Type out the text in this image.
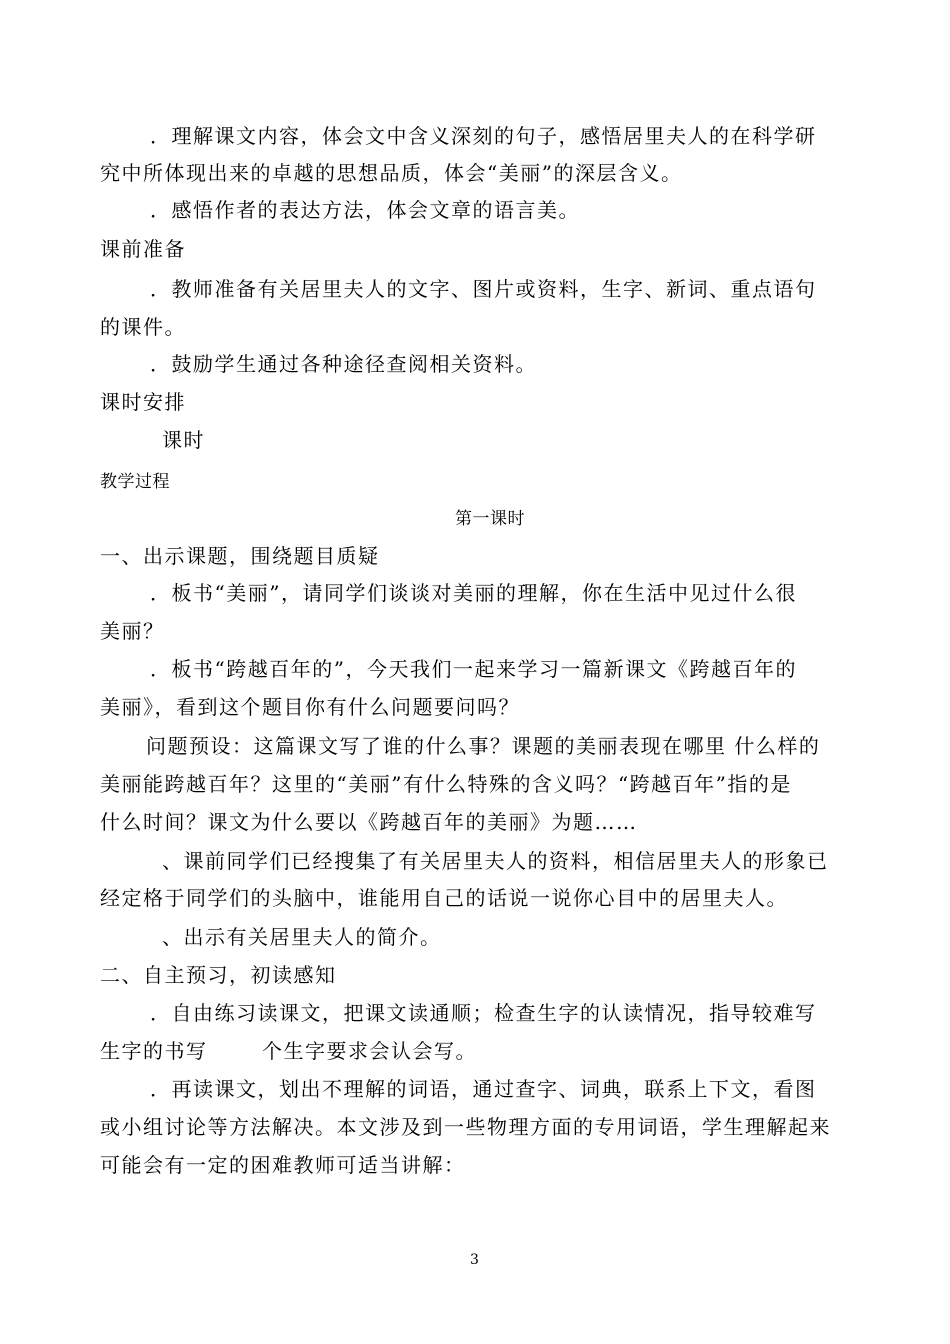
．理解课文内容，体会文中含义深刻的句子，感悟居里夫人的在科学研
究中所体现出来的卓越的思想品质，体会“美丽”的深层含义。
．感悟作者的表达方法，体会文章的语言美。
课前准备
．教师准备有关居里夫人的文字、图片或资料，生字、新词、重点语句
的课件。
．鼓励学生通过各种途径查阅相关资料。
课时安排
课时
教学过程
第一课时
一、出示课题，围绕题目质疑
．板书“美丽”，请同学们谈谈对美丽的理解，你在生活中见过什么很
美丽？
．板书“跨越百年的”，今天我们一起来学习一篇新课文《跨越百年的
美丽》，看到这个题目你有什么问题要问吗？
问题预设：这篇课文写了谁的什么事？课题的美丽表现在哪里 什么样的
美丽能跨越百年？这里的“美丽”有什么特殊的含义吗？“跨越百年”指的是
什么时间？课文为什么要以《跨越百年的美丽》为题……
、课前同学们已经搜集了有关居里夫人的资料，相信居里夫人的形象已
经定格于同学们的头脑中，谁能用自己的话说一说你心目中的居里夫人。
、出示有关居里夫人的简介。
二、自主预习，初读感知
．自由练习读课文，把课文读通顺；检查生字的认读情况，指导较难写
生字的书写	个生字要求会认会写。
．再读课文，划出不理解的词语，通过查字、词典，联系上下文，看图
或小组讨论等方法解决。本文涉及到一些物理方面的专用词语，学生理解起来
可能会有一定的困难教师可适当讲解：
3
